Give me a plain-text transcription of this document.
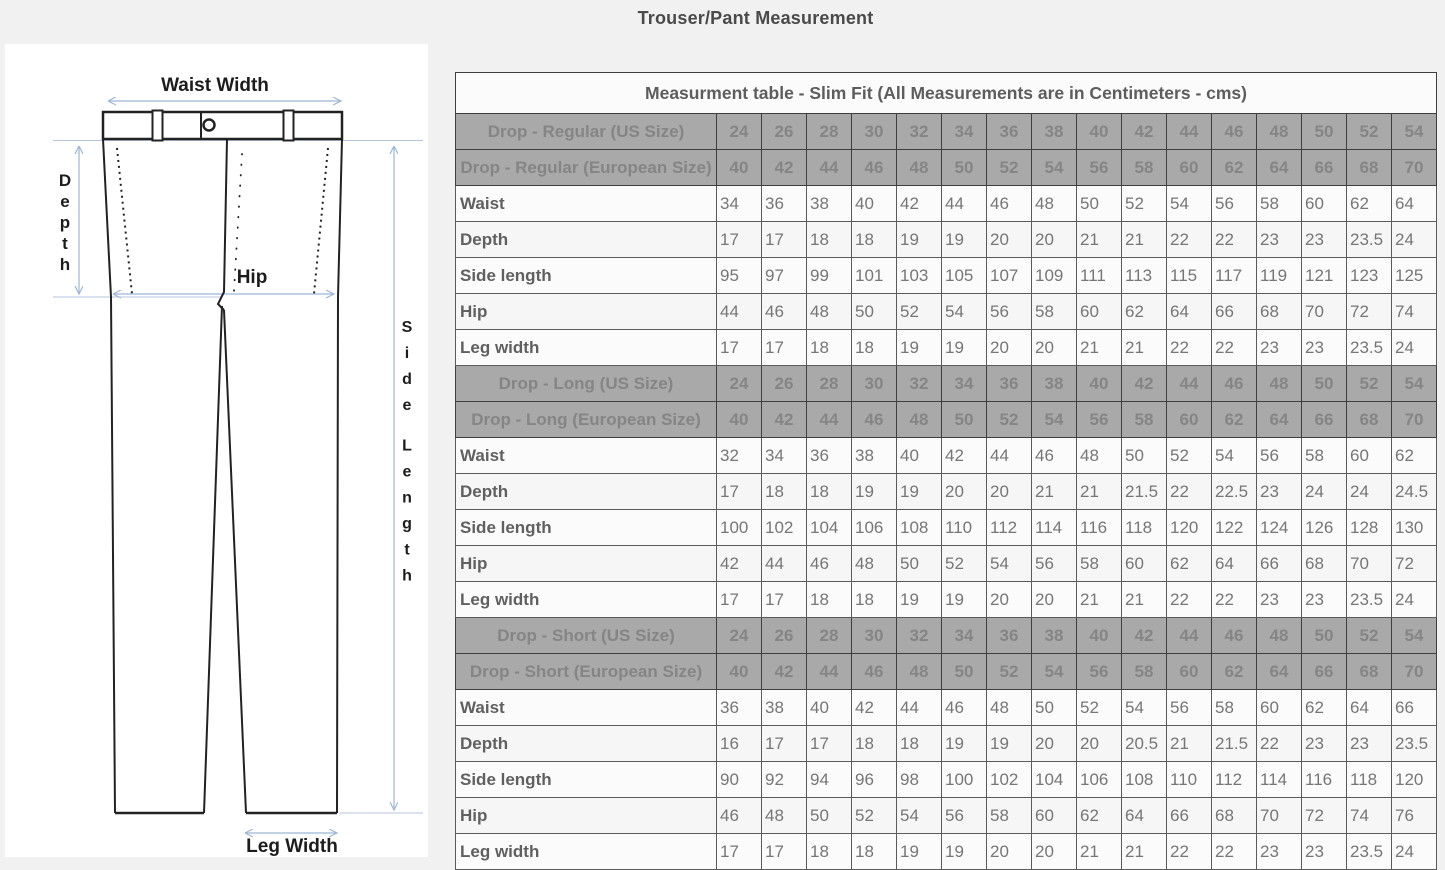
Trouser/Pant Measurement
Waist Width
Hip
Leg Width
D e p t h
S i d e L e n g t h
Measurment table - Slim Fit (All Measurements are in Centimeters - cms)																
Drop - Regular (US Size)	24	26	28	30	32	34	36	38	40	42	44	46	48	50	52	54
Drop - Regular (European Size)	40	42	44	46	48	50	52	54	56	58	60	62	64	66	68	70
Waist	34	36	38	40	42	44	46	48	50	52	54	56	58	60	62	64
Depth	17	17	18	18	19	19	20	20	21	21	22	22	23	23	23.5	24
Side length	95	97	99	101	103	105	107	109	111	113	115	117	119	121	123	125
Hip	44	46	48	50	52	54	56	58	60	62	64	66	68	70	72	74
Leg width	17	17	18	18	19	19	20	20	21	21	22	22	23	23	23.5	24
Drop - Long (US Size)	24	26	28	30	32	34	36	38	40	42	44	46	48	50	52	54
Drop - Long (European Size)	40	42	44	46	48	50	52	54	56	58	60	62	64	66	68	70
Waist	32	34	36	38	40	42	44	46	48	50	52	54	56	58	60	62
Depth	17	18	18	19	19	20	20	21	21	21.5	22	22.5	23	24	24	24.5
Side length	100	102	104	106	108	110	112	114	116	118	120	122	124	126	128	130
Hip	42	44	46	48	50	52	54	56	58	60	62	64	66	68	70	72
Leg width	17	17	18	18	19	19	20	20	21	21	22	22	23	23	23.5	24
Drop - Short (US Size)	24	26	28	30	32	34	36	38	40	42	44	46	48	50	52	54
Drop - Short (European Size)	40	42	44	46	48	50	52	54	56	58	60	62	64	66	68	70
Waist	36	38	40	42	44	46	48	50	52	54	56	58	60	62	64	66
Depth	16	17	17	18	18	19	19	20	20	20.5	21	21.5	22	23	23	23.5
Side length	90	92	94	96	98	100	102	104	106	108	110	112	114	116	118	120
Hip	46	48	50	52	54	56	58	60	62	64	66	68	70	72	74	76
Leg width	17	17	18	18	19	19	20	20	21	21	22	22	23	23	23.5	24
